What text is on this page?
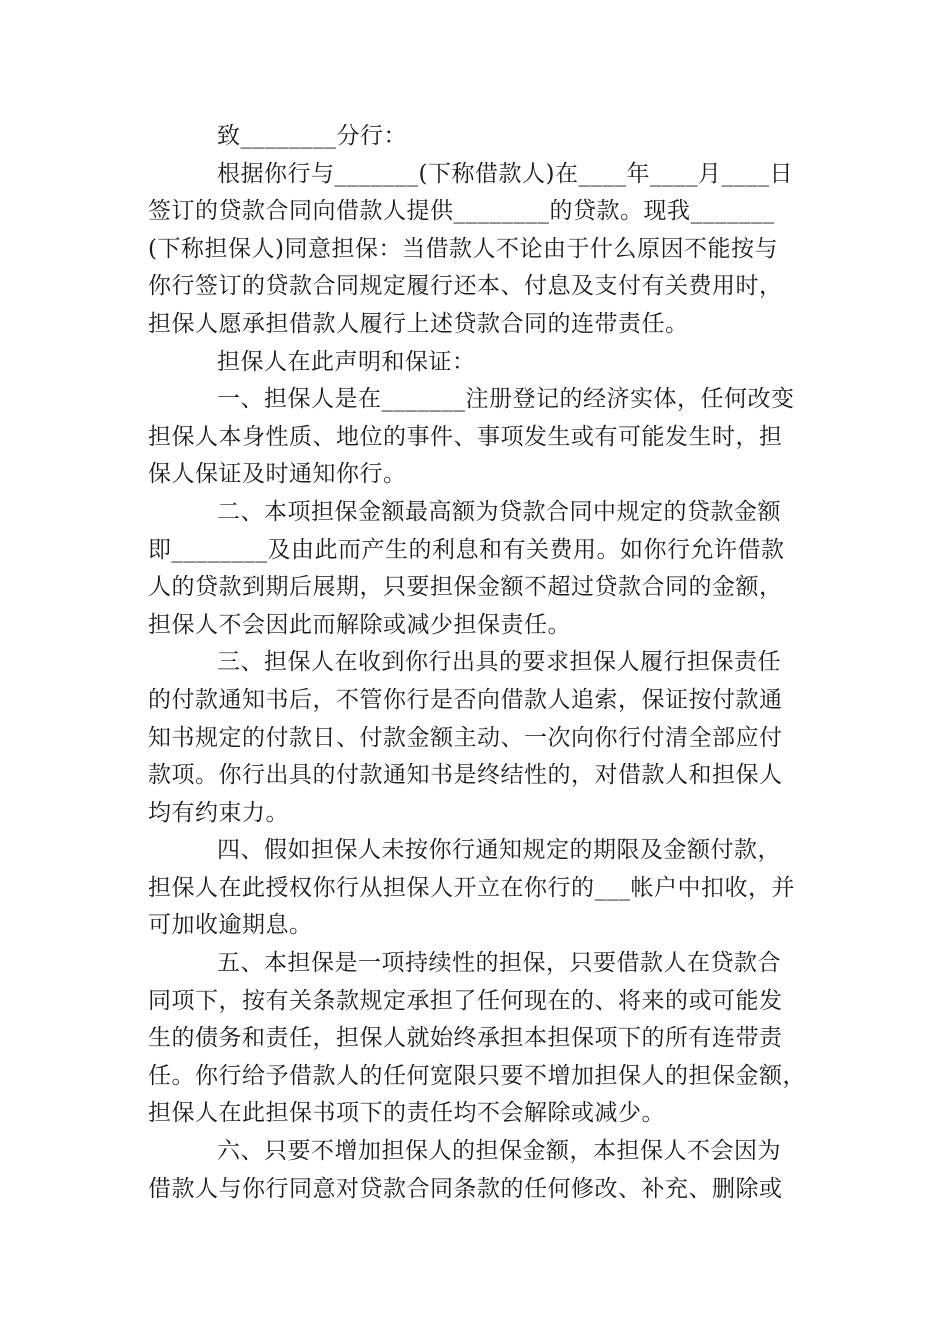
致________分行：
根据你行与_______(下称借款人)在____年____月____日
签订的贷款合同向借款人提供________的贷款。现我_______
(下称担保人)同意担保：当借款人不论由于什么原因不能按与
你行签订的贷款合同规定履行还本、付息及支付有关费用时，
担保人愿承担借款人履行上述贷款合同的连带责任。
担保人在此声明和保证：
一、担保人是在_______注册登记的经济实体，任何改变
担保人本身性质、地位的事件、事项发生或有可能发生时，担
保人保证及时通知你行。
二、本项担保金额最高额为贷款合同中规定的贷款金额
即________及由此而产生的利息和有关费用。如你行允许借款
人的贷款到期后展期，只要担保金额不超过贷款合同的金额，
担保人不会因此而解除或减少担保责任。
三、担保人在收到你行出具的要求担保人履行担保责任
的付款通知书后，不管你行是否向借款人追索，保证按付款通
知书规定的付款日、付款金额主动、一次向你行付清全部应付
款项。你行出具的付款通知书是终结性的，对借款人和担保人
均有约束力。
四、假如担保人未按你行通知规定的期限及金额付款，
担保人在此授权你行从担保人开立在你行的___帐户中扣收，并
可加收逾期息。
五、本担保是一项持续性的担保，只要借款人在贷款合
同项下，按有关条款规定承担了任何现在的、将来的或可能发
生的债务和责任，担保人就始终承担本担保项下的所有连带责
任。你行给予借款人的任何宽限只要不增加担保人的担保金额，
担保人在此担保书项下的责任均不会解除或减少。
六、只要不增加担保人的担保金额，本担保人不会因为
借款人与你行同意对贷款合同条款的任何修改、补充、删除或
